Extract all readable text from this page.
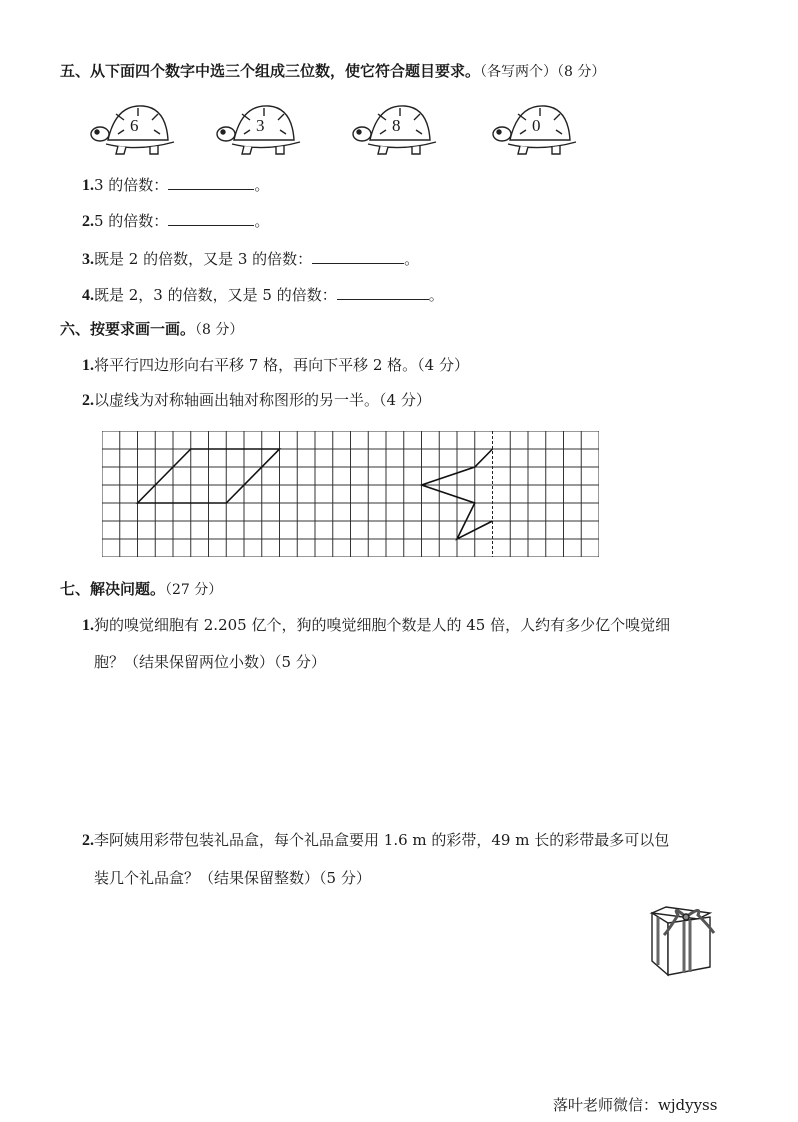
五、从下面四个数字中选三个组成三位数，使它符合题目要求。（各写两个）（8 分）
6	3	8	0
1.3 的倍数：	。
2.5 的倍数：	。
3.既是 2 的倍数，又是 3 的倍数：	。
4.既是 2，3 的倍数，又是 5 的倍数：	。
六、按要求画一画。（8 分）
1.将平行四边形向右平移 7 格，再向下平移 2 格。（4 分）
2.以虚线为对称轴画出轴对称图形的另一半。（4 分）
七、解决问题。（27 分）
1.狗的嗅觉细胞有 2.205 亿个，狗的嗅觉细胞个数是人的 45 倍，人约有多少亿个嗅觉细
胞？（结果保留两位小数）（5 分）
2.李阿姨用彩带包装礼品盒，每个礼品盒要用 1.6 m 的彩带，49 m 长的彩带最多可以包
装几个礼品盒？（结果保留整数）（5 分）
落叶老师微信：wjdyyss
